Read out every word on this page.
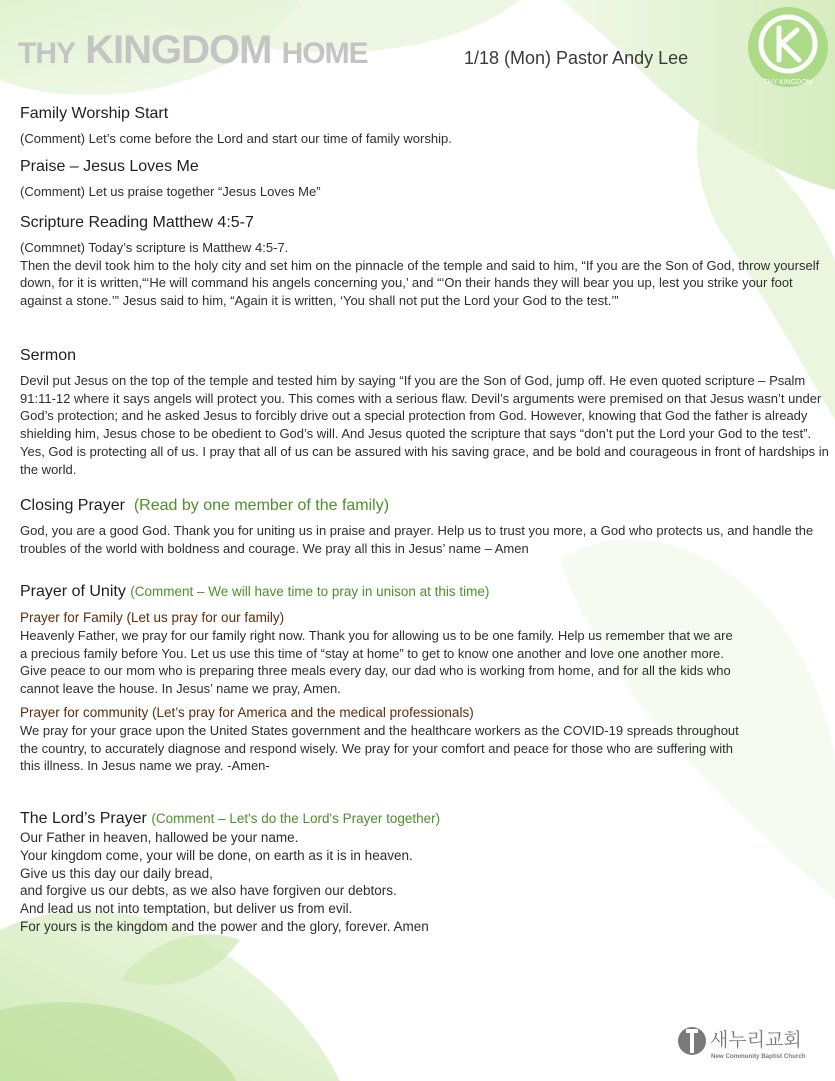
THY KINGDOM HOME	1/18 (Mon) Pastor Andy Lee
THY KINGDOM
Family Worship Start

(Comment) Let’s come before the Lord and start our time of family worship.

Praise – Jesus Loves Me

(Comment) Let us praise together “Jesus Loves Me”

Scripture Reading Matthew 4:5-7

(Commnet) Today’s scripture is Matthew 4:5-7.

Then the devil took him to the holy city and set him on the pinnacle of the temple and said to him, “If you are the Son of God, throw yourself down, for it is written,“‘He will command his angels concerning you,’ and “‘On their hands they will bear you up, lest you strike your foot against a stone.’” Jesus said to him, “Again it is written, ‘You shall not put the Lord your God to the test.’”

Sermon

Devil put Jesus on the top of the temple and tested him by saying “If you are the Son of God, jump off. He even quoted scripture – Psalm 91:11-12 where it says angels will protect you. This comes with a serious flaw. Devil’s arguments were premised on that Jesus wasn’t under God’s protection; and he asked Jesus to forcibly drive out a special protection from God. However, knowing that God the father is already shielding him, Jesus chose to be obedient to God’s will. And Jesus quoted the scripture that says “don’t put the Lord your God to the test”. Yes, God is protecting all of us. I pray that all of us can be assured with his saving grace, and be bold and courageous in front of hardships in the world.

Closing Prayer (Read by one member of the family)

God, you are a good God. Thank you for uniting us in praise and prayer. Help us to trust you more, a God who protects us, and handle the troubles of the world with boldness and courage. We pray all this in Jesus’ name – Amen

Prayer of Unity (Comment – We will have time to pray in unison at this time)
Prayer for Family (Let us pray for our family)
Heavenly Father, we pray for our family right now. Thank you for allowing us to be one family. Help us remember that we are
a precious family before You. Let us use this time of “stay at home” to get to know one another and love one another more.
Give peace to our mom who is preparing three meals every day, our dad who is working from home, and for all the kids who
cannot leave the house. In Jesus’ name we pray, Amen.
Prayer for community (Let’s pray for America and the medical professionals)
We pray for your grace upon the United States government and the healthcare workers as the COVID-19 spreads throughout
the country, to accurately diagnose and respond wisely. We pray for your comfort and peace for those who are suffering with
this illness. In Jesus name we pray. -Amen-
The Lord’s Prayer (Comment – Let's do the Lord's Prayer together)
Our Father in heaven, hallowed be your name.
Your kingdom come, your will be done, on earth as it is in heaven.
Give us this day our daily bread,
and forgive us our debts, as we also have forgiven our debtors.
And lead us not into temptation, but deliver us from evil.
For yours is the kingdom and the power and the glory, forever. Amen
새누리교회
New Community Baptist Church
